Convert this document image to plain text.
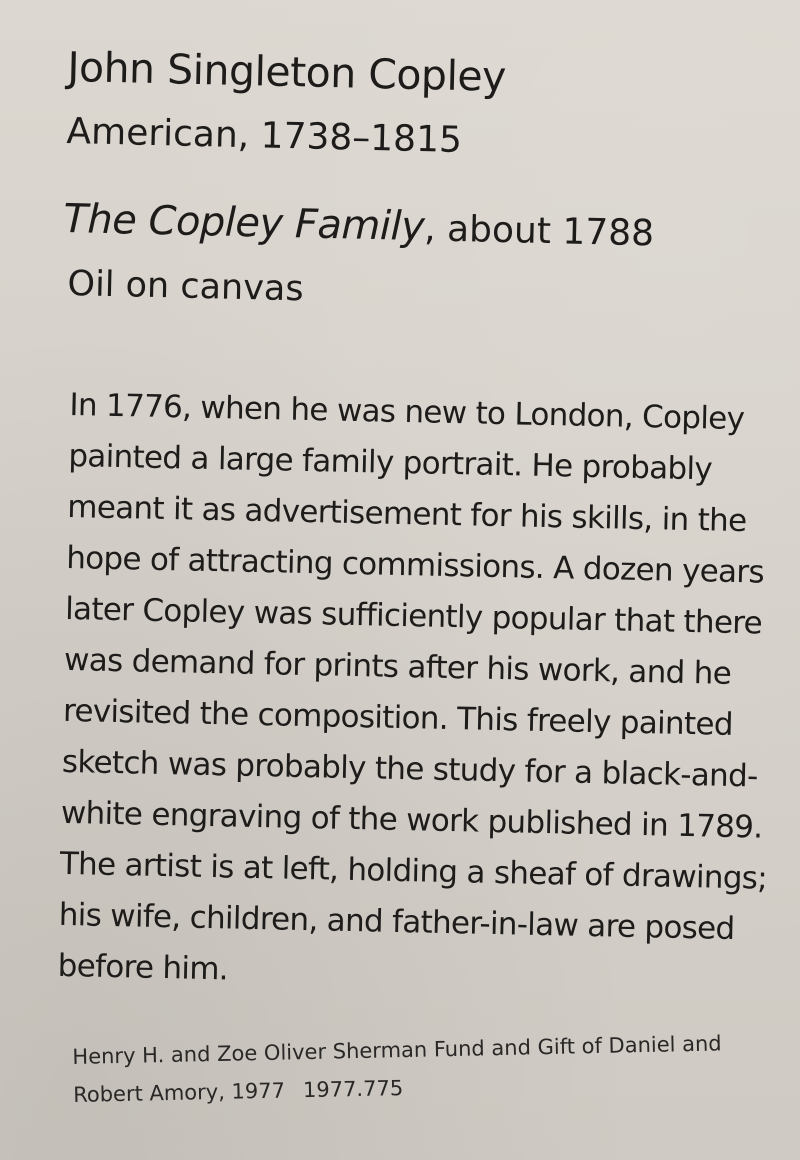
John Singleton Copley
American, 1738–1815
The Copley Family, about 1788
Oil on canvas
In 1776, when he was new to London, Copley
painted a large family portrait. He probably
meant it as advertisement for his skills, in the
hope of attracting commissions. A dozen years
later Copley was sufficiently popular that there
was demand for prints after his work, and he
revisited the composition. This freely painted
sketch was probably the study for a black-and-
white engraving of the work published in 1789.
The artist is at left, holding a sheaf of drawings;
his wife, children, and father-in-law are posed
before him.
Henry H. and Zoe Oliver Sherman Fund and Gift of Daniel and
Robert Amory, 1977 1977.775
